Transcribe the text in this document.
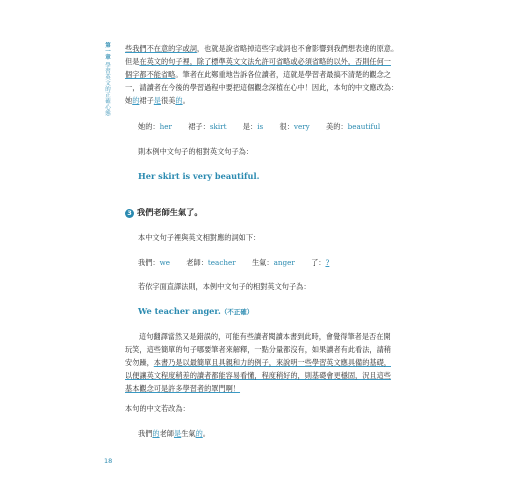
第一章 學習英文的正確心態

些我們不在意的字或詞，也就是說省略掉這些字或詞也不會影響到我們想表達的原意。

但是在英文的句子裡，除了標準英文文法允許可省略或必須省略的以外，否則任何一

個字都不能省略。筆者在此鄭重地告訴各位讀者，這就是學習者最搞不清楚的觀念之

一，請讀者在今後的學習過程中要把這個觀念深植在心中！因此，本句的中文應改為：

她的裙子是很美的。

她的：her 裙子：skirt 是：is 很：very 美的：beautiful
則本例中文句子的相對英文句子為：
Her skirt is very beautiful.
3 我們老師生氣了。
本中文句子裡與英文相對應的詞如下：
我們：we 老師：teacher 生氣：anger 了：?
若依字面直譯法則，本例中文句子的相對英文句子為：
We teacher anger.（不正確）

這句翻譯當然又是錯誤的，可能有些讀者閱讀本書到此時，會覺得筆者是否在開

玩笑，這些簡單的句子哪要筆者來解釋，一點分量都沒有，如果讀者有此看法，請稍

安勿躁，本書乃是以最簡單且具親和力的例子，來說明一些學習英文應具備的基礎，

以便讓英文程度稍差的讀者都能容易看懂，程度稍好的，則基礎會更穩固，況且這些

基本觀念可是許多學習者的罩門啊！

本句的中文若改為：
我們的老師是生氣的。
18
